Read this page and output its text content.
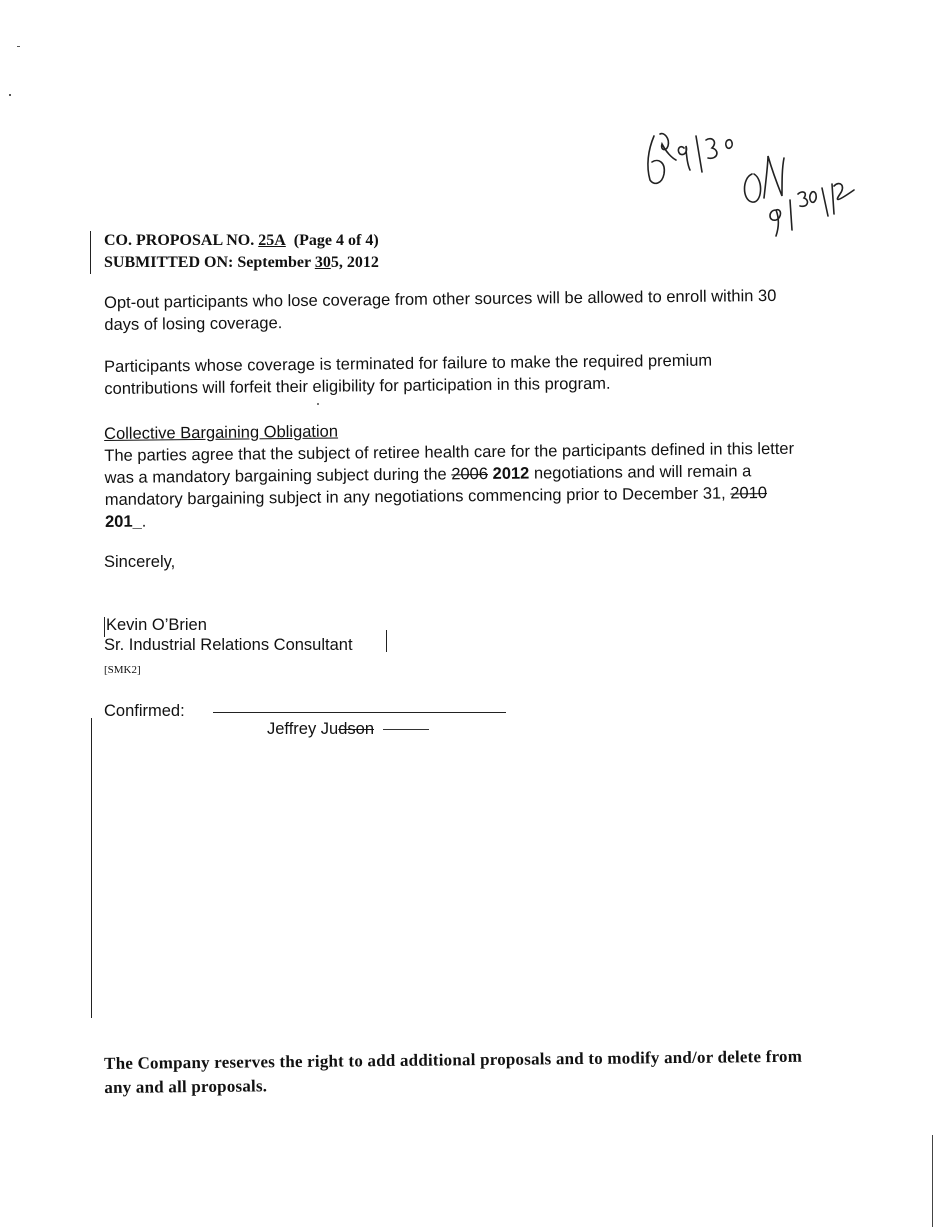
CO. PROPOSAL NO. 25A (Page 4 of 4)
SUBMITTED ON: September 305, 2012
Opt-out participants who lose coverage from other sources will be allowed to enroll within 30 days of losing coverage.
Participants whose coverage is terminated for failure to make the required premium contributions will forfeit their eligibility for participation in this program.
Collective Bargaining Obligation
The parties agree that the subject of retiree health care for the participants defined in this letter was a mandatory bargaining subject during the 2006 2012 negotiations and will remain a mandatory bargaining subject in any negotiations commencing prior to December 31, 2010 201_.
Sincerely,
Kevin O’Brien
Sr. Industrial Relations Consultant
[SMK2]
Confirmed:
Jeffrey Judson
The Company reserves the right to add additional proposals and to modify and/or delete from any and all proposals.
